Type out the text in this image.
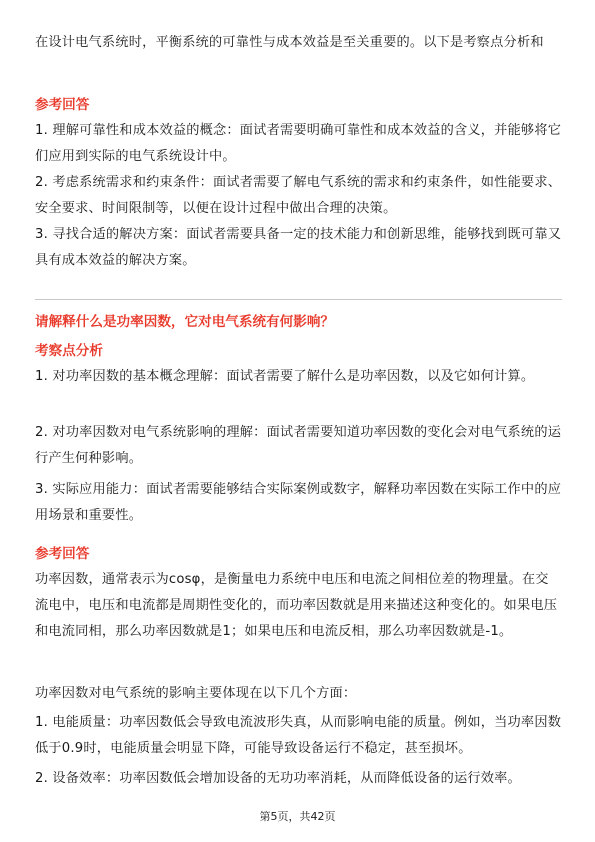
在设计电气系统时，平衡系统的可靠性与成本效益是至关重要的。以下是考察点分析和
参考回答
1. 理解可靠性和成本效益的概念：面试者需要明确可靠性和成本效益的含义，并能够将它们应用到实际的电气系统设计中。
2. 考虑系统需求和约束条件：面试者需要了解电气系统的需求和约束条件，如性能要求、安全要求、时间限制等，以便在设计过程中做出合理的决策。
3. 寻找合适的解决方案：面试者需要具备一定的技术能力和创新思维，能够找到既可靠又具有成本效益的解决方案。
请解释什么是功率因数，它对电气系统有何影响？
考察点分析
1. 对功率因数的基本概念理解：面试者需要了解什么是功率因数，以及它如何计算。
2. 对功率因数对电气系统影响的理解：面试者需要知道功率因数的变化会对电气系统的运行产生何种影响。
3. 实际应用能力：面试者需要能够结合实际案例或数字，解释功率因数在实际工作中的应用场景和重要性。
参考回答
功率因数，通常表示为cosφ，是衡量电力系统中电压和电流之间相位差的物理量。在交流电中，电压和电流都是周期性变化的，而功率因数就是用来描述这种变化的。如果电压和电流同相，那么功率因数就是1；如果电压和电流反相，那么功率因数就是-1。
功率因数对电气系统的影响主要体现在以下几个方面：
1. 电能质量：功率因数低会导致电流波形失真，从而影响电能的质量。例如，当功率因数低于0.9时，电能质量会明显下降，可能导致设备运行不稳定，甚至损坏。
2. 设备效率：功率因数低会增加设备的无功功率消耗，从而降低设备的运行效率。
第5页，共42页
